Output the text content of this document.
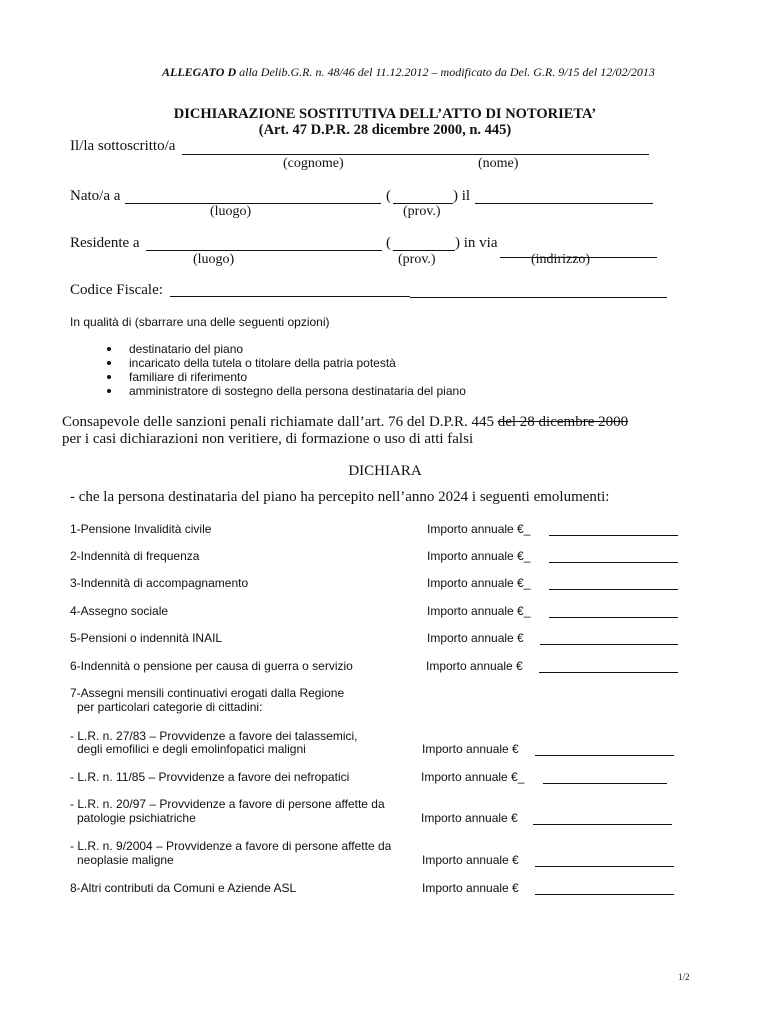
ALLEGATO D alla Delib.G.R. n. 48/46 del 11.12.2012 – modificato da Del. G.R. 9/15 del 12/02/2013
DICHIARAZIONE SOSTITUTIVA DELL’ATTO DI NOTORIETA’
(Art. 47 D.P.R. 28 dicembre 2000, n. 445)
Il/la sottoscritto/a
(cognome)	(nome)
Nato/a a	(	) il
(luogo)	(prov.)
Residente a	(	) in via
(luogo)	(prov.)	(indirizzo)
Codice Fiscale:
In qualità di (sbarrare una delle seguenti opzioni)
destinatario del piano
incaricato della tutela o titolare della patria potestà
familiare di riferimento
amministratore di sostegno della persona destinataria del piano
Consapevole delle sanzioni penali richiamate dall’art. 76 del D.P.R. 445 del 28 dicembre 2000
per i casi dichiarazioni non veritiere, di formazione o uso di atti falsi
DICHIARA
- che la persona destinataria del piano ha percepito nell’anno 2024 i seguenti emolumenti:
1-Pensione Invalidità civile	Importo annuale €_
2-Indennità di frequenza	Importo annuale €_
3-Indennità di accompagnamento	Importo annuale €_
4-Assegno sociale	Importo annuale €_
5-Pensioni o indennità INAIL	Importo annuale €
6-Indennità o pensione per causa di guerra o servizio	Importo annuale €
7-Assegni mensili continuativi erogati dalla Regione
per particolari categorie di cittadini:
- L.R. n. 27/83 – Provvidenze a favore dei talassemici,
degli emofilici e degli emolinfopatici maligni	Importo annuale €
- L.R. n. 11/85 – Provvidenze a favore dei nefropatici	Importo annuale €_
- L.R. n. 20/97 – Provvidenze a favore di persone affette da
patologie psichiatriche	Importo annuale €
- L.R. n. 9/2004 – Provvidenze a favore di persone affette da
neoplasie maligne	Importo annuale €
8-Altri contributi da Comuni e Aziende ASL	Importo annuale €
1/2
